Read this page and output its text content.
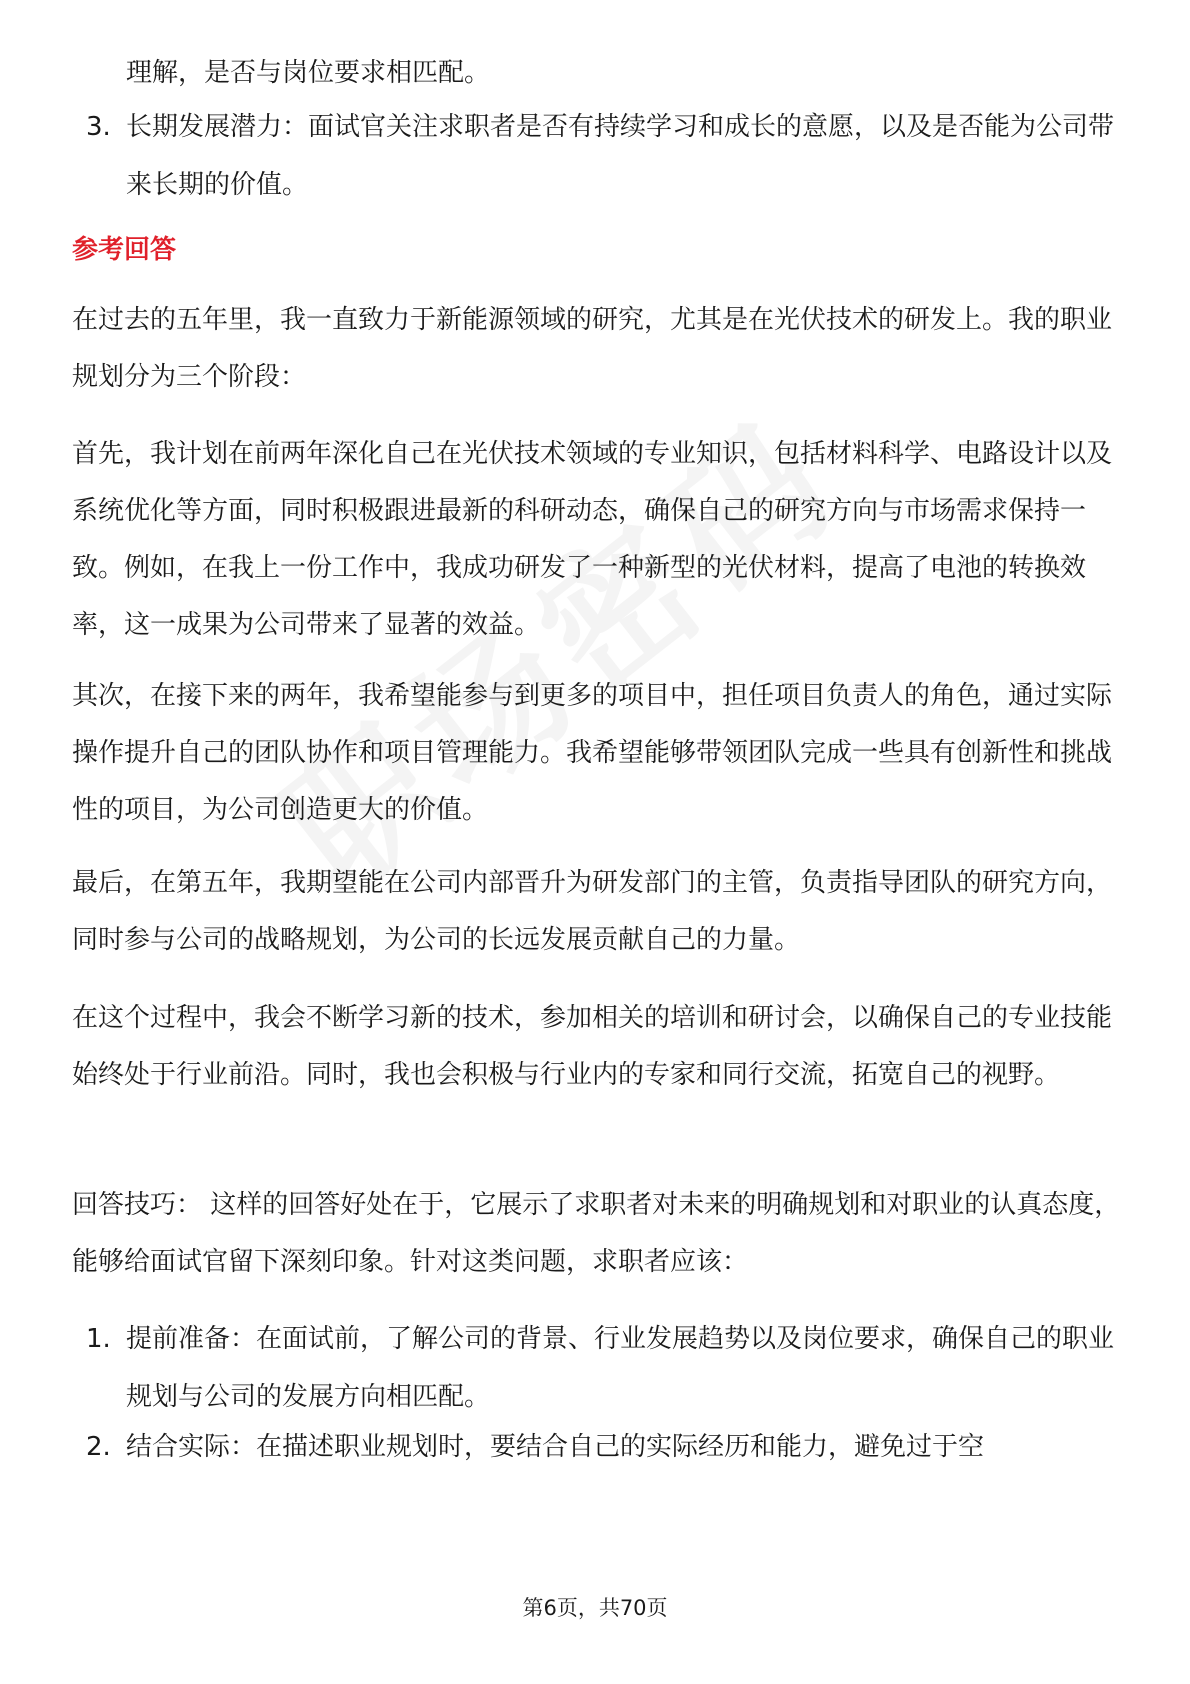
理解，是否与岗位要求相匹配。
3. 长期发展潜力：面试官关注求职者是否有持续学习和成长的意愿，以及是否能为公司带来长期的价值。
参考回答
在过去的五年里，我一直致力于新能源领域的研究，尤其是在光伏技术的研发上。我的职业规划分为三个阶段：
首先，我计划在前两年深化自己在光伏技术领域的专业知识，包括材料科学、电路设计以及系统优化等方面，同时积极跟进最新的科研动态，确保自己的研究方向与市场需求保持一致。例如，在我上一份工作中，我成功研发了一种新型的光伏材料，提高了电池的转换效率，这一成果为公司带来了显著的效益。
其次，在接下来的两年，我希望能参与到更多的项目中，担任项目负责人的角色，通过实际操作提升自己的团队协作和项目管理能力。我希望能够带领团队完成一些具有创新性和挑战性的项目，为公司创造更大的价值。
最后，在第五年，我期望能在公司内部晋升为研发部门的主管，负责指导团队的研究方向，同时参与公司的战略规划，为公司的长远发展贡献自己的力量。
在这个过程中，我会不断学习新的技术，参加相关的培训和研讨会，以确保自己的专业技能始终处于行业前沿。同时，我也会积极与行业内的专家和同行交流，拓宽自己的视野。
回答技巧： 这样的回答好处在于，它展示了求职者对未来的明确规划和对职业的认真态度，能够给面试官留下深刻印象。针对这类问题，求职者应该：
1. 提前准备：在面试前，了解公司的背景、行业发展趋势以及岗位要求，确保自己的职业规划与公司的发展方向相匹配。
2. 结合实际：在描述职业规划时，要结合自己的实际经历和能力，避免过于空
第6页，共70页
